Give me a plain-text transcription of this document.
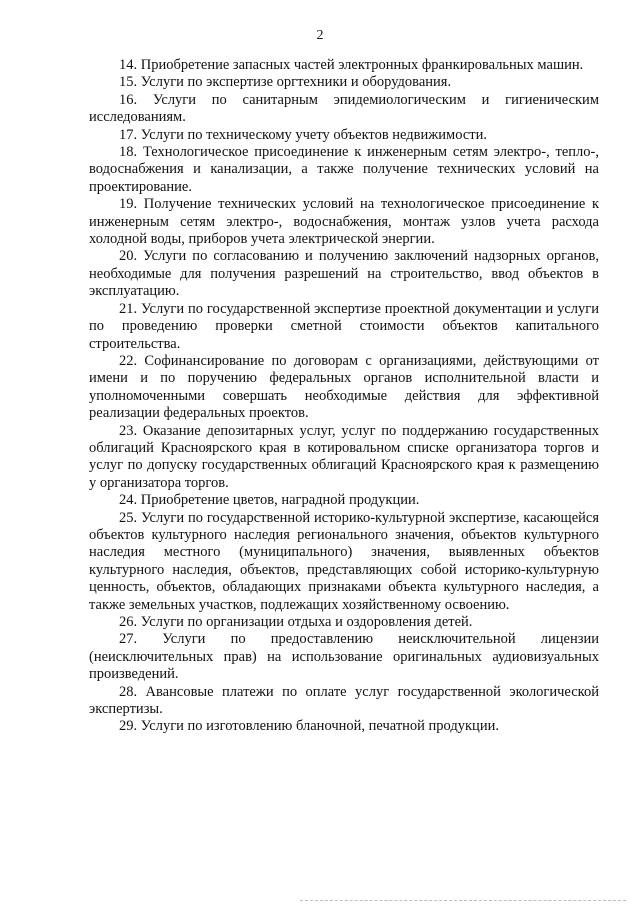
2

14. Приобретение запасных частей электронных франкировальных машин.

15. Услуги по экспертизе оргтехники и оборудования.

16. Услуги по санитарным эпидемиологическим и гигиеническим исследованиям.

17. Услуги по техническому учету объектов недвижимости.

18. Технологическое присоединение к инженерным сетям электро-, тепло-, водоснабжения и канализации, а также получение технических условий на проектирование.

19. Получение технических условий на технологическое присоединение к инженерным сетям электро-, водоснабжения, монтаж узлов учета расхода холодной воды, приборов учета электрической энергии.

20. Услуги по согласованию и получению заключений надзорных органов, необходимые для получения разрешений на строительство, ввод объектов в эксплуатацию.

21. Услуги по государственной экспертизе проектной документации и услуги по проведению проверки сметной стоимости объектов капитального строительства.

22. Софинансирование по договорам с организациями, действующими от имени и по поручению федеральных органов исполнительной власти и уполномоченными совершать необходимые действия для эффективной реализации федеральных проектов.

23. Оказание депозитарных услуг, услуг по поддержанию государственных облигаций Красноярского края в котировальном списке организатора торгов и услуг по допуску государственных облигаций Красноярского края к размещению у организатора торгов.

24. Приобретение цветов, наградной продукции.

25. Услуги по государственной историко-культурной экспертизе, касающейся объектов культурного наследия регионального значения, объектов культурного наследия местного (муниципального) значения, выявленных объектов культурного наследия, объектов, представляющих собой историко-культурную ценность, объектов, обладающих признаками объекта культурного наследия, а также земельных участков, подлежащих хозяйственному освоению.

26. Услуги по организации отдыха и оздоровления детей.

27. Услуги по предоставлению неисключительной лицензии (неисключительных прав) на использование оригинальных аудиовизуальных произведений.

28. Авансовые платежи по оплате услуг государственной экологической экспертизы.

29. Услуги по изготовлению бланочной, печатной продукции.
